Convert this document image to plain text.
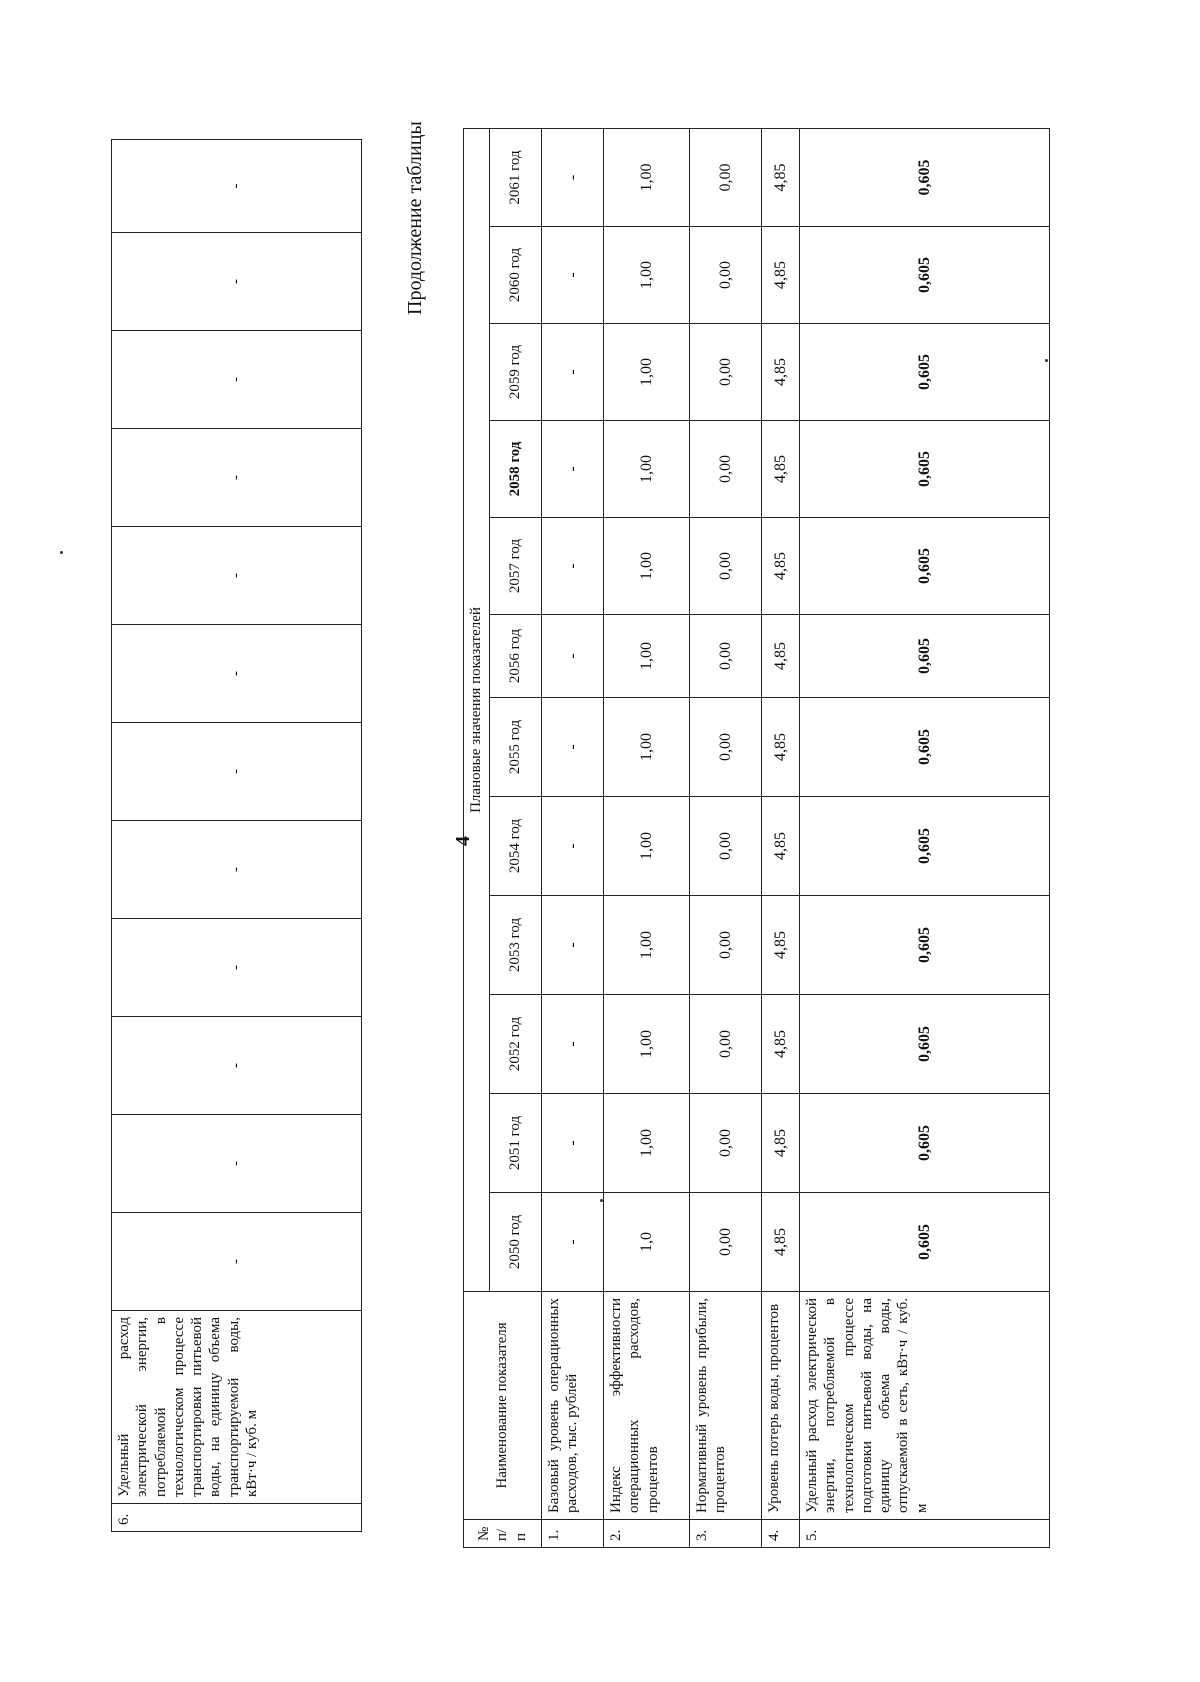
4
6.	Удельный расход электрической энергии, потребляемой в технологическом процессе транспортировки питьевой воды, на единицу объема транспортируемой воды, кВт·ч / куб. м	-	-	-	-	-	-	-	-	-	-	-	-	Продолжение таблицы
№ п/п	Наименование показателя	Плановые значения показателей											
		2050 год	2051 год	2052 год	2053 год	2054 год	2055 год	2056 год	2057 год	2058 год	2059 год	2060 год	2061 год
1.	Базовый уровень операционных расходов, тыс. рублей	-	-	-	-	-	-	-	-	-	-	-	-
2.	Индекс эффективности операционных расходов, процентов	1,0	1,00	1,00	1,00	1,00	1,00	1,00	1,00	1,00	1,00	1,00	1,00
3.	Нормативный уровень прибыли, процентов	0,00	0,00	0,00	0,00	0,00	0,00	0,00	0,00	0,00	0,00	0,00	0,00
4.	Уровень потерь воды, процентов	4,85	4,85	4,85	4,85	4,85	4,85	4,85	4,85	4,85	4,85	4,85	4,85
5.	Удельный расход электрической энергии, потребляемой в технологическом процессе подготовки питьевой воды, на единицу объема воды, отпускаемой в сеть, кВт·ч / куб. м	0,605	0,605	0,605	0,605	0,605	0,605	0,605	0,605	0,605	0,605	0,605	0,605
